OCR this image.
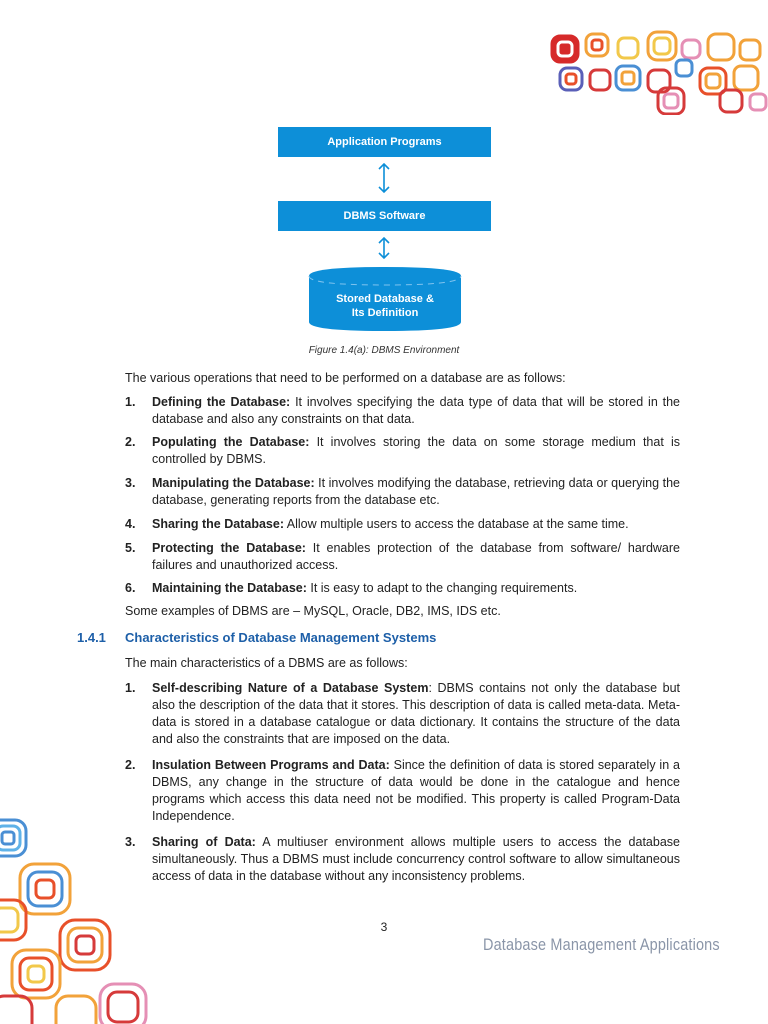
Application Programs
DBMS Software
Stored Database &
Its Definition
Figure 1.4(a): DBMS Environment
The various operations that need to be performed on a database are as follows:
1. Defining the Database: It involves specifying the data type of data that will be stored in the database and also any constraints on that data.
2. Populating the Database: It involves storing the data on some storage medium that is controlled by DBMS.
3. Manipulating the Database: It involves modifying the database, retrieving data or querying the database, generating reports from the database etc.
4. Sharing the Database: Allow multiple users to access the database at the same time.
5. Protecting the Database: It enables protection of the database from software/ hardware failures and unauthorized access.
6. Maintaining the Database: It is easy to adapt to the changing requirements.
Some examples of DBMS are – MySQL, Oracle, DB2, IMS, IDS etc.
1.4.1 Characteristics of Database Management Systems
The main characteristics of a DBMS are as follows:
1. Self-describing Nature of a Database System: DBMS contains not only the database but also the description of the data that it stores. This description of data is called meta-data. Meta-data is stored in a database catalogue or data dictionary. It contains the structure of the data and also the constraints that are imposed on the data.
2. Insulation Between Programs and Data: Since the definition of data is stored separately in a DBMS, any change in the structure of data would be done in the catalogue and hence programs which access this data need not be modified. This property is called Program-Data Independence.
3. Sharing of Data: A multiuser environment allows multiple users to access the database simultaneously. Thus a DBMS must include concurrency control software to allow simultaneous access of data in the database without any inconsistency problems.
3
Database Management Applications
